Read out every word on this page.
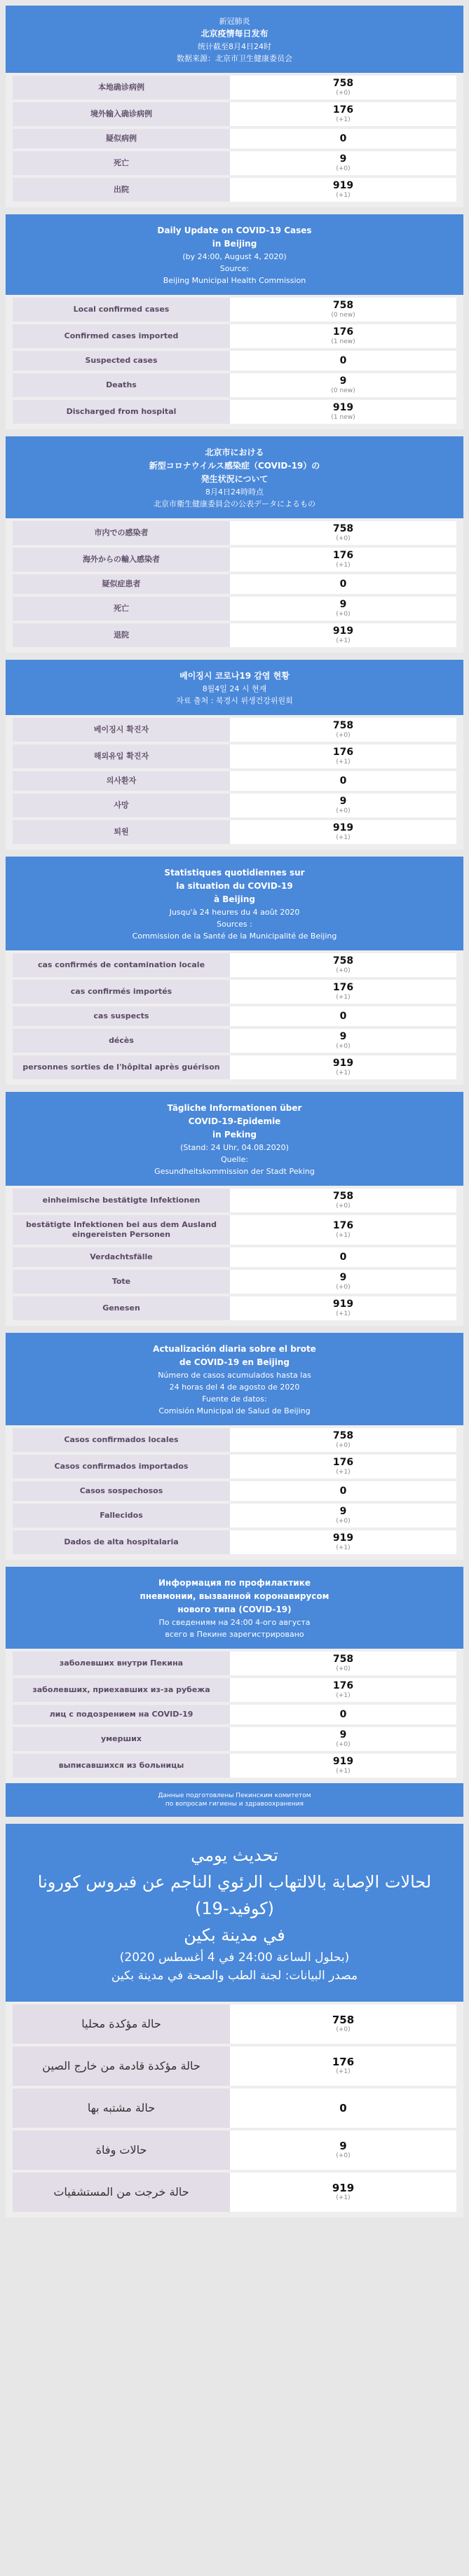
新冠肺炎
北京疫情每日发布
统计截至8月4日24时
数据来源：北京市卫生健康委员会
本地确诊病例	758
(+0)
境外输入确诊病例	176
(+1)
疑似病例	0
死亡	9
(+0)
出院	919
(+1)
Daily Update on COVID-19 Cases
in Beijing
(by 24:00, August 4, 2020)
Source:
Beijing Municipal Health Commission
Local confirmed cases	758
(0 new)
Confirmed cases imported	176
(1 new)
Suspected cases	0
Deaths	9
(0 new)
Discharged from hospital	919
(1 new)
北京市における
新型コロナウイルス感染症（COVID-19）の
発生状況について
8月4日24時時点
北京市衛生健康委員会の公表データによるもの
市内での感染者	758
(+0)
海外からの輸入感染者	176
(+1)
疑似症患者	0
死亡	9
(+0)
退院	919
(+1)
베이징시 코로나19 감염 현황
8월4일 24 시 현재
자료 출처 : 북경시 위생건강위원회
베이징시 확진자	758
(+0)
해외유입 확진자	176
(+1)
의사환자	0
사망	9
(+0)
퇴원	919
(+1)
Statistiques quotidiennes sur
la situation du COVID-19
à Beijing
Jusqu'à 24 heures du 4 août 2020
Sources :
Commission de la Santé de la Municipalité de Beijing
cas confirmés de contamination locale	758
(+0)
cas confirmés importés	176
(+1)
cas suspects	0
décès	9
(+0)
personnes sorties de l'hôpital après guérison	919
(+1)
Tägliche Informationen über
COVID-19-Epidemie
in Peking
(Stand: 24 Uhr, 04.08.2020)
Quelle:
Gesundheitskommission der Stadt Peking
einheimische bestätigte Infektionen	758
(+0)
bestätigte Infektionen bei aus dem Ausland eingereisten Personen
176
(+1)
Verdachtsfälle	0
Tote	9
(+0)
Genesen	919
(+1)
Actualización diaria sobre el brote
de COVID-19 en Beijing
Número de casos acumulados hasta las
24 horas del 4 de agosto de 2020
Fuente de datos:
Comisión Municipal de Salud de Beijing
Casos confirmados locales	758
(+0)
Casos confirmados importados	176
(+1)
Casos sospechosos	0
Fallecidos	9
(+0)
Dados de alta hospitalaria	919
(+1)
Информация по профилактике
пневмонии, вызванной коронавирусом
нового типа (COVID-19)
По сведениям на 24:00 4-ого августа
всего в Пекине зарегистрировано
заболевших внутри Пекина	758
(+0)
заболевших, приехавших из-за рубежа	176
(+1)
лиц с подозрением на COVID-19	0
умерших	9
(+0)
выписавшихся из больницы	919
(+1)
Данные подготовлены Пекинским комитетом
по вопросам гигиены и здравоохранения
تحديث يومي
لحالات الإصابة بالالتهاب الرئوي الناجم عن فيروس كورونا (كوفيد-19)
في مدينة بكين
(بحلول الساعة 24:00 في 4 أغسطس 2020)
مصدر البيانات: لجنة الطب والصحة في مدينة بكين
حالة مؤكدة محليا	758
(+0)
حالة مؤكدة قادمة من خارج الصين	176
(+1)
حالة مشتبه بها	0
حالات وفاة	9
(+0)
حالة خرجت من المستشفيات	919
(+1)
